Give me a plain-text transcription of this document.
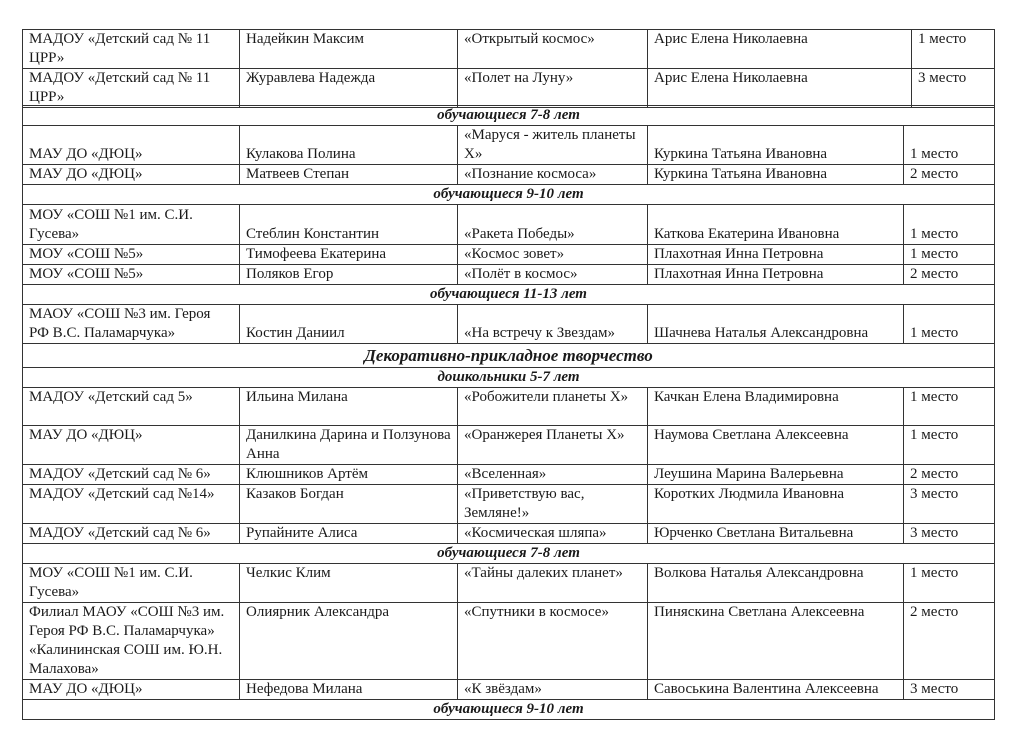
МАДОУ «Детский сад № 11 ЦРР»	Надейкин Максим	«Открытый космос»	Арис Елена Николаевна	1 место
МАДОУ «Детский сад № 11 ЦРР»	Журавлева Надежда	«Полет на Луну»	Арис Елена Николаевна	3 место
обучающиеся 7-8 лет				
МАУ ДО «ДЮЦ»	Кулакова Полина	«Маруся - житель планеты Х»	Куркина Татьяна Ивановна	1 место
МАУ ДО «ДЮЦ»	Матвеев Степан	«Познание космоса»	Куркина Татьяна Ивановна	2 место
обучающиеся 9-10 лет				
МОУ «СОШ №1 им. С.И. Гусева»	Стеблин Константин	«Ракета Победы»	Каткова Екатерина Ивановна	1 место
МОУ «СОШ №5»	Тимофеева Екатерина	«Космос зовет»	Плахотная Инна Петровна	1 место
МОУ «СОШ №5»	Поляков Егор	«Полёт в космос»	Плахотная Инна Петровна	2 место
обучающиеся 11-13 лет				
МАОУ «СОШ №3 им. Героя РФ В.С. Паламарчука»	Костин Даниил	«На встречу к Звездам»	Шачнева Наталья Александровна	1 место
Декоративно-прикладное творчество				
дошкольники 5-7 лет				
МАДОУ «Детский сад 5»	Ильина Милана	«Робожители планеты Х»	Качкан Елена Владимировна	1 место
МАУ ДО «ДЮЦ»	Данилкина Дарина и Ползунова Анна	«Оранжерея Планеты Х»	Наумова Светлана Алексеевна	1 место
МАДОУ «Детский сад № 6»	Клюшников Артём	«Вселенная»	Леушина Марина Валерьевна	2 место
МАДОУ «Детский сад №14»	Казаков Богдан	«Приветствую вас, Земляне!»	Коротких Людмила Ивановна	3 место
МАДОУ «Детский сад № 6»	Рупайните Алиса	«Космическая шляпа»	Юрченко Светлана Витальевна	3 место
обучающиеся 7-8 лет				
МОУ «СОШ №1 им. С.И. Гусева»	Челкис Клим	«Тайны далеких планет»	Волкова Наталья Александровна	1 место
Филиал МАОУ «СОШ №3 им. Героя РФ В.С. Паламарчука» «Калининская СОШ им. Ю.Н. Малахова»	Олиярник Александра	«Спутники в космосе»	Пиняскина Светлана Алексеевна	2 место
МАУ ДО «ДЮЦ»	Нефедова Милана	«К звёздам»	Савоськина Валентина Алексеевна	3 место
обучающиеся 9-10 лет				
